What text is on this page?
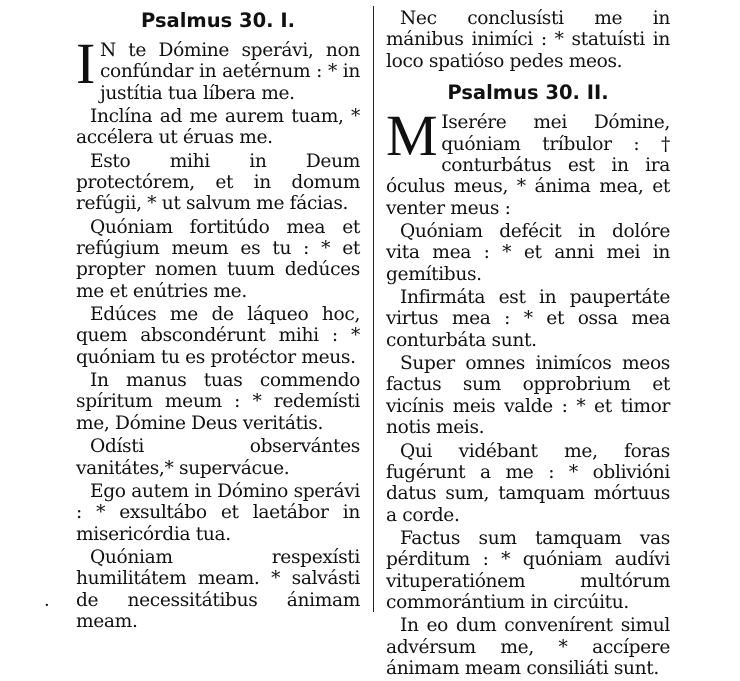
Psalmus 30. I.

I N te Dómine sperávi, non confúndar in aetérnum : * in justítia tua líbera me.

Inclína ad me aurem tuam, * accélera ut éruas me.

Esto mihi in Deum protectórem, et in domum refúgii, * ut salvum me fácias.

Quóniam fortitúdo mea et refúgium meum es tu : * et propter nomen tuum dedúces me et enútries me.

Edúces me de láqueo hoc, quem abscondérunt mihi : * quóniam tu es protéctor meus.

In manus tuas commendo spíritum meum : * redemísti me, Dómine Deus veritátis.

Odísti observántes vanitátes,* supervácue.

Ego autem in Dómino sperávi : * exsultábo et laetábor in misericórdia tua.

Quóniam respexísti humilitátem meam. * salvásti de necessitátibus ánimam meam.

Nec conclusísti me in mánibus inimíci : * statuísti in loco spatióso pedes meos.

Psalmus 30. II.

M Iserére mei Dómine, quóniam tríbulor : † conturbátus est in ira óculus meus, * ánima mea, et venter meus :

Quóniam defécit in dolóre vita mea : * et anni mei in gemítibus.

Infirmáta est in paupertáte virtus mea : * et ossa mea conturbáta sunt.

Super omnes inimícos meos factus sum opprobrium et vicínis meis valde : * et timor notis meis.

Qui vidébant me, foras fugérunt a me : * oblivióni datus sum, tamquam mórtuus a corde.

Factus sum tamquam vas pérditum : * quóniam audívi vituperatiónem multórum commorántium in circúitu.

In eo dum convenírent simul advérsum me, * accípere ánimam meam consiliáti sunt.

·
